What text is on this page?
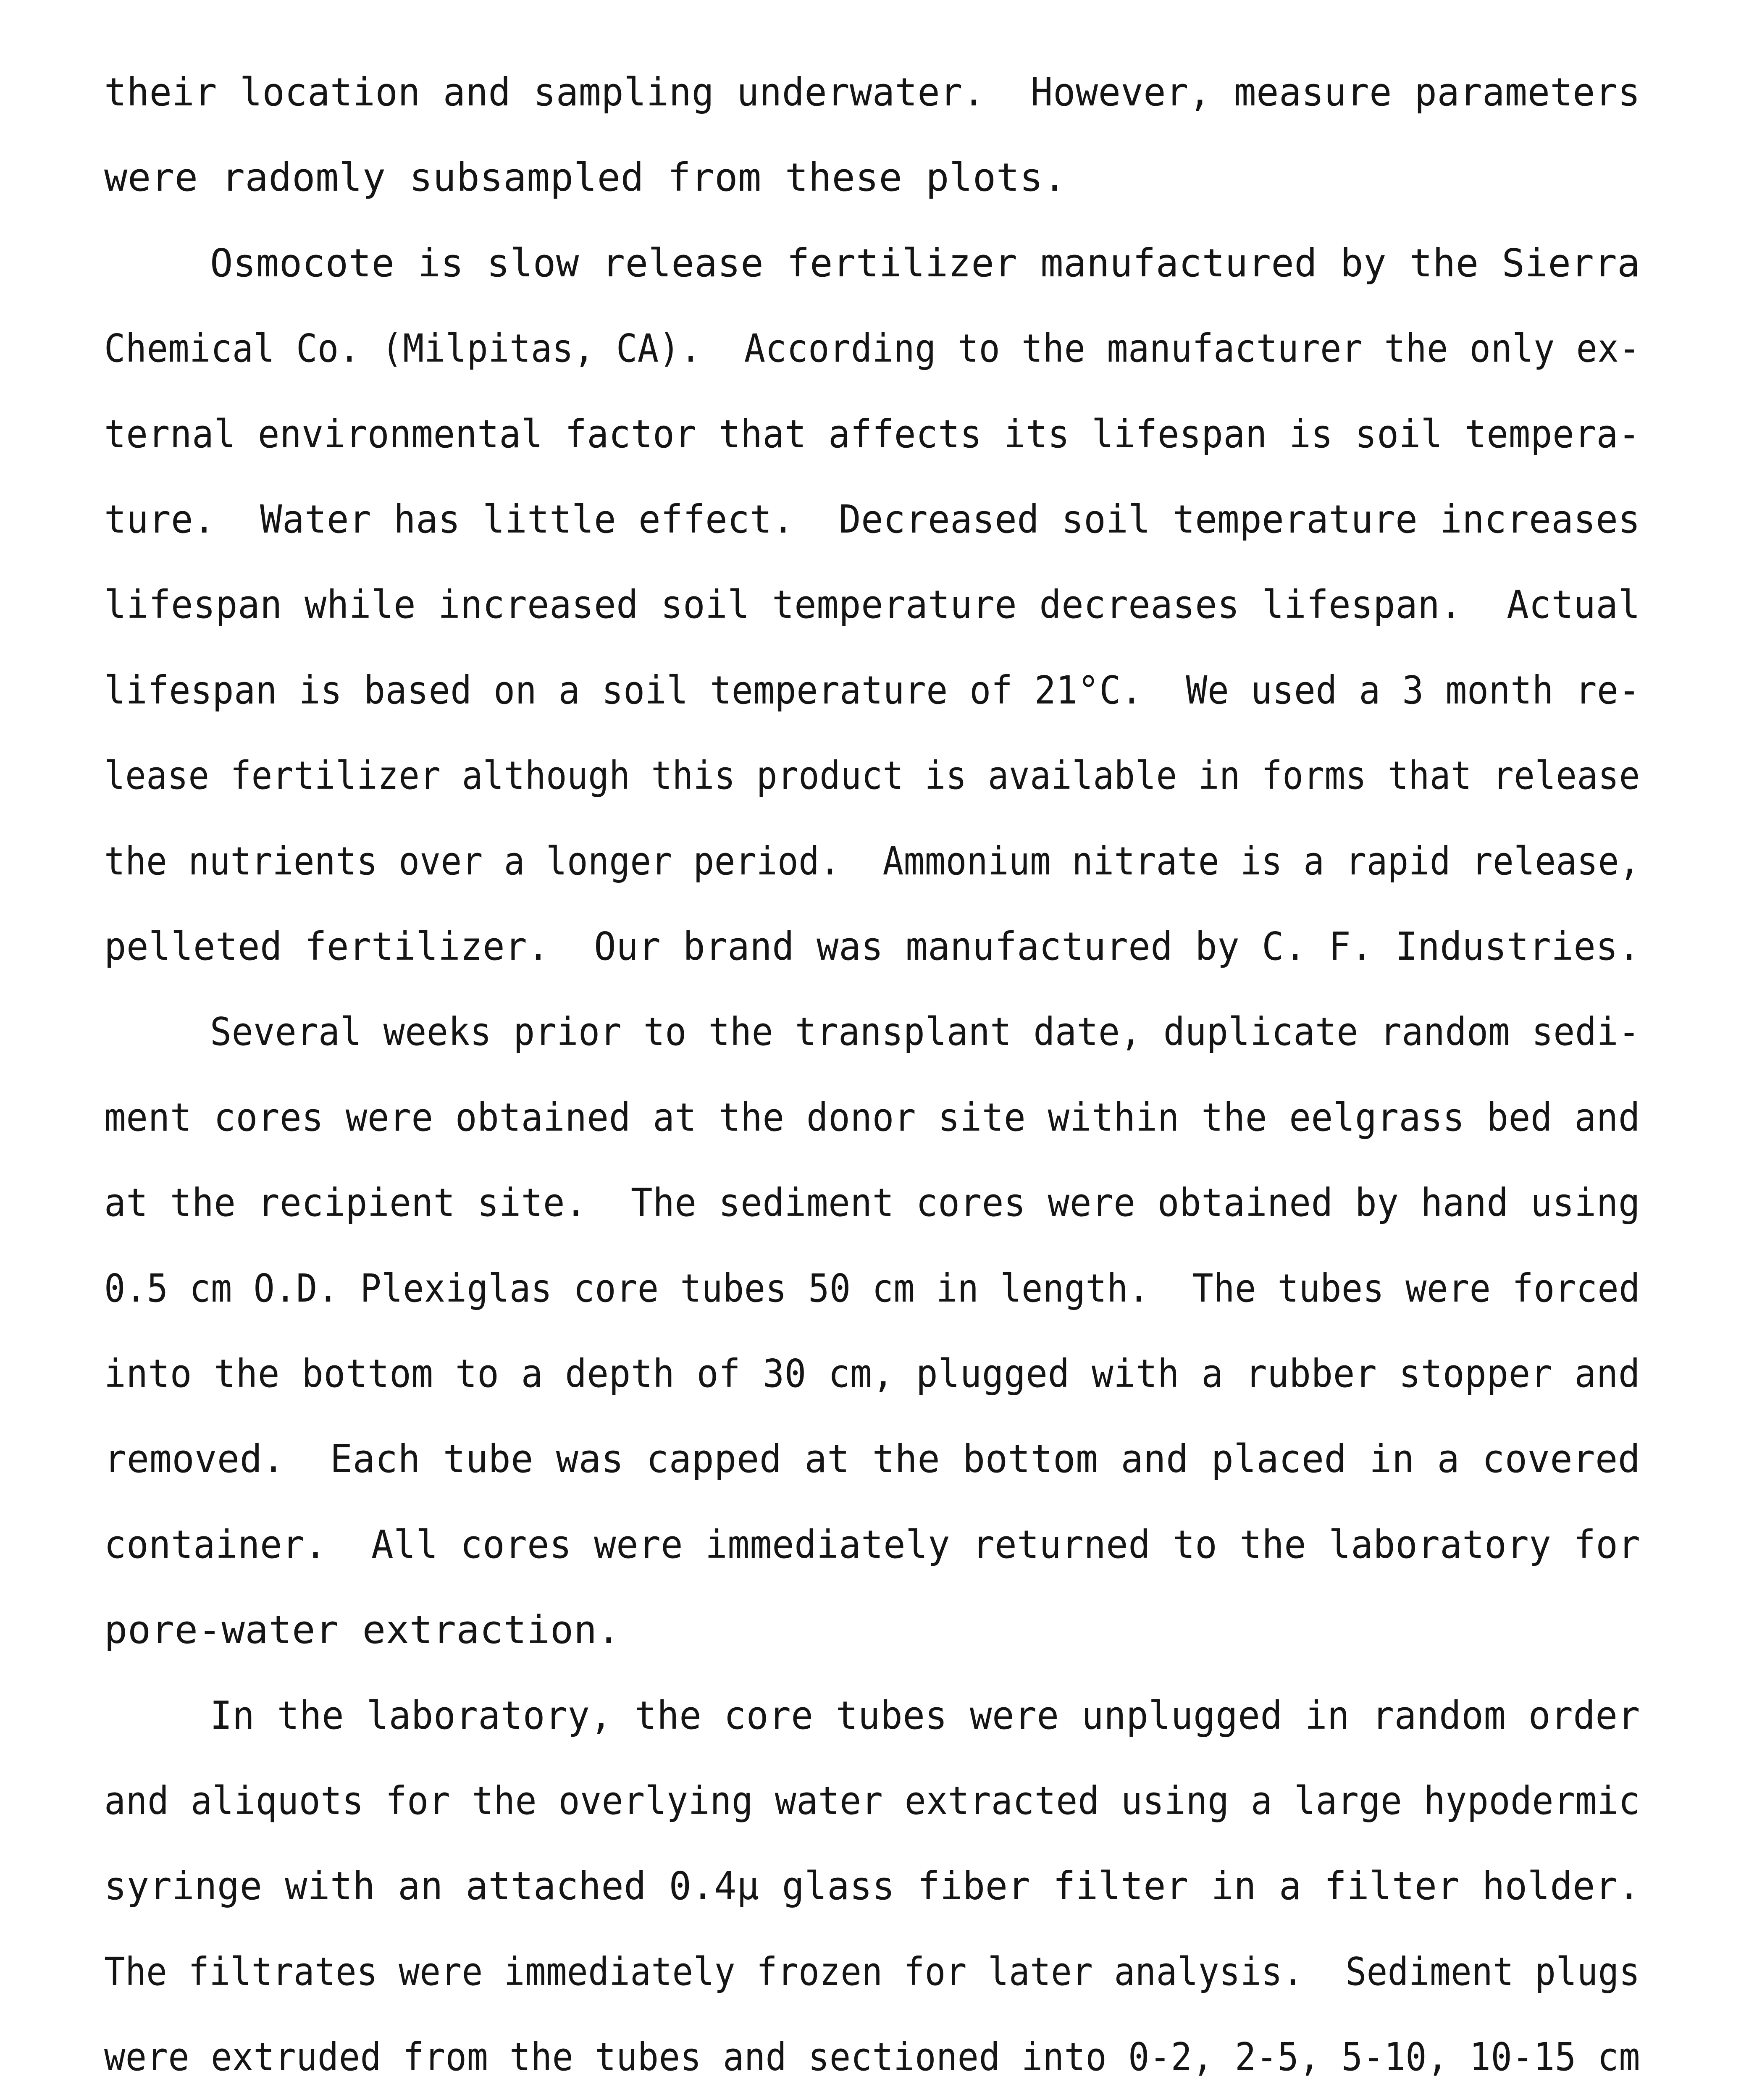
their location and sampling underwater.  However, measure parameters
were radomly subsampled from these plots.
Osmocote is slow release fertilizer manufactured by the Sierra
Chemical Co. (Milpitas, CA).  According to the manufacturer the only ex-
ternal environmental factor that affects its lifespan is soil tempera-
ture.  Water has little effect.  Decreased soil temperature increases
lifespan while increased soil temperature decreases lifespan.  Actual
lifespan is based on a soil temperature of 21°C.  We used a 3 month re-
lease fertilizer although this product is available in forms that release
the nutrients over a longer period.  Ammonium nitrate is a rapid release,
pelleted fertilizer.  Our brand was manufactured by C. F. Industries.
Several weeks prior to the transplant date, duplicate random sedi-
ment cores were obtained at the donor site within the eelgrass bed and
at the recipient site.  The sediment cores were obtained by hand using
0.5 cm O.D. Plexiglas core tubes 50 cm in length.  The tubes were forced
into the bottom to a depth of 30 cm, plugged with a rubber stopper and
removed.  Each tube was capped at the bottom and placed in a covered
container.  All cores were immediately returned to the laboratory for
pore-water extraction.
In the laboratory, the core tubes were unplugged in random order
and aliquots for the overlying water extracted using a large hypodermic
syringe with an attached 0.4µ glass fiber filter in a filter holder.
The filtrates were immediately frozen for later analysis.  Sediment plugs
were extruded from the tubes and sectioned into 0-2, 2-5, 5-10, 10-15 cm
